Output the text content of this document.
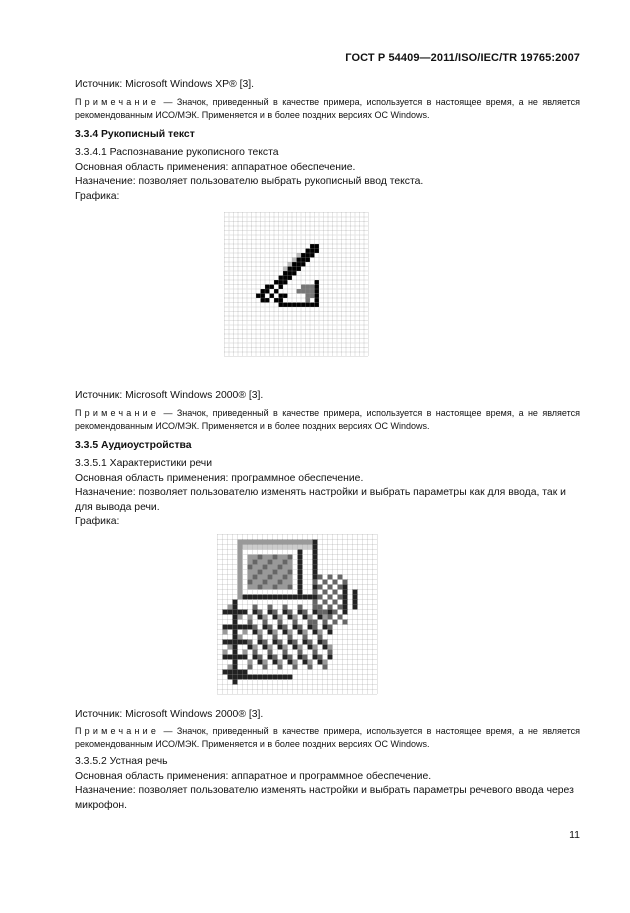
ГОСТ Р 54409—2011/ISO/IEC/TR 19765:2007

Источник: Microsoft Windows XP® [3].

Примечание — Значок, приведенный в качестве примера, используется в настоящее время, а не является рекомендованным ИСО/МЭК. Применяется и в более поздних версиях ОС Windows.

3.3.4 Рукописный текст

3.3.4.1 Распознавание рукописного текста

Основная область применения: аппаратное обеспечение.

Назначение: позволяет пользователю выбрать рукописный ввод текста.

Графика:

Источник: Microsoft Windows 2000® [3].

Примечание — Значок, приведенный в качестве примера, используется в настоящее время, а не является рекомендованным ИСО/МЭК. Применяется и в более поздних версиях ОС Windows.

3.3.5 Аудиоустройства

3.3.5.1 Характеристики речи

Основная область применения: программное обеспечение.

Назначение: позволяет пользователю изменять настройки и выбрать параметры как для ввода, так и для вывода речи.

Графика:

Источник: Microsoft Windows 2000® [3].

Примечание — Значок, приведенный в качестве примера, используется в настоящее время, а не является рекомендованным ИСО/МЭК. Применяется и в более поздних версиях ОС Windows.

3.3.5.2 Устная речь

Основная область применения: аппаратное и программное обеспечение.

Назначение: позволяет пользователю изменять настройки и выбрать параметры речевого ввода через микрофон.

11
